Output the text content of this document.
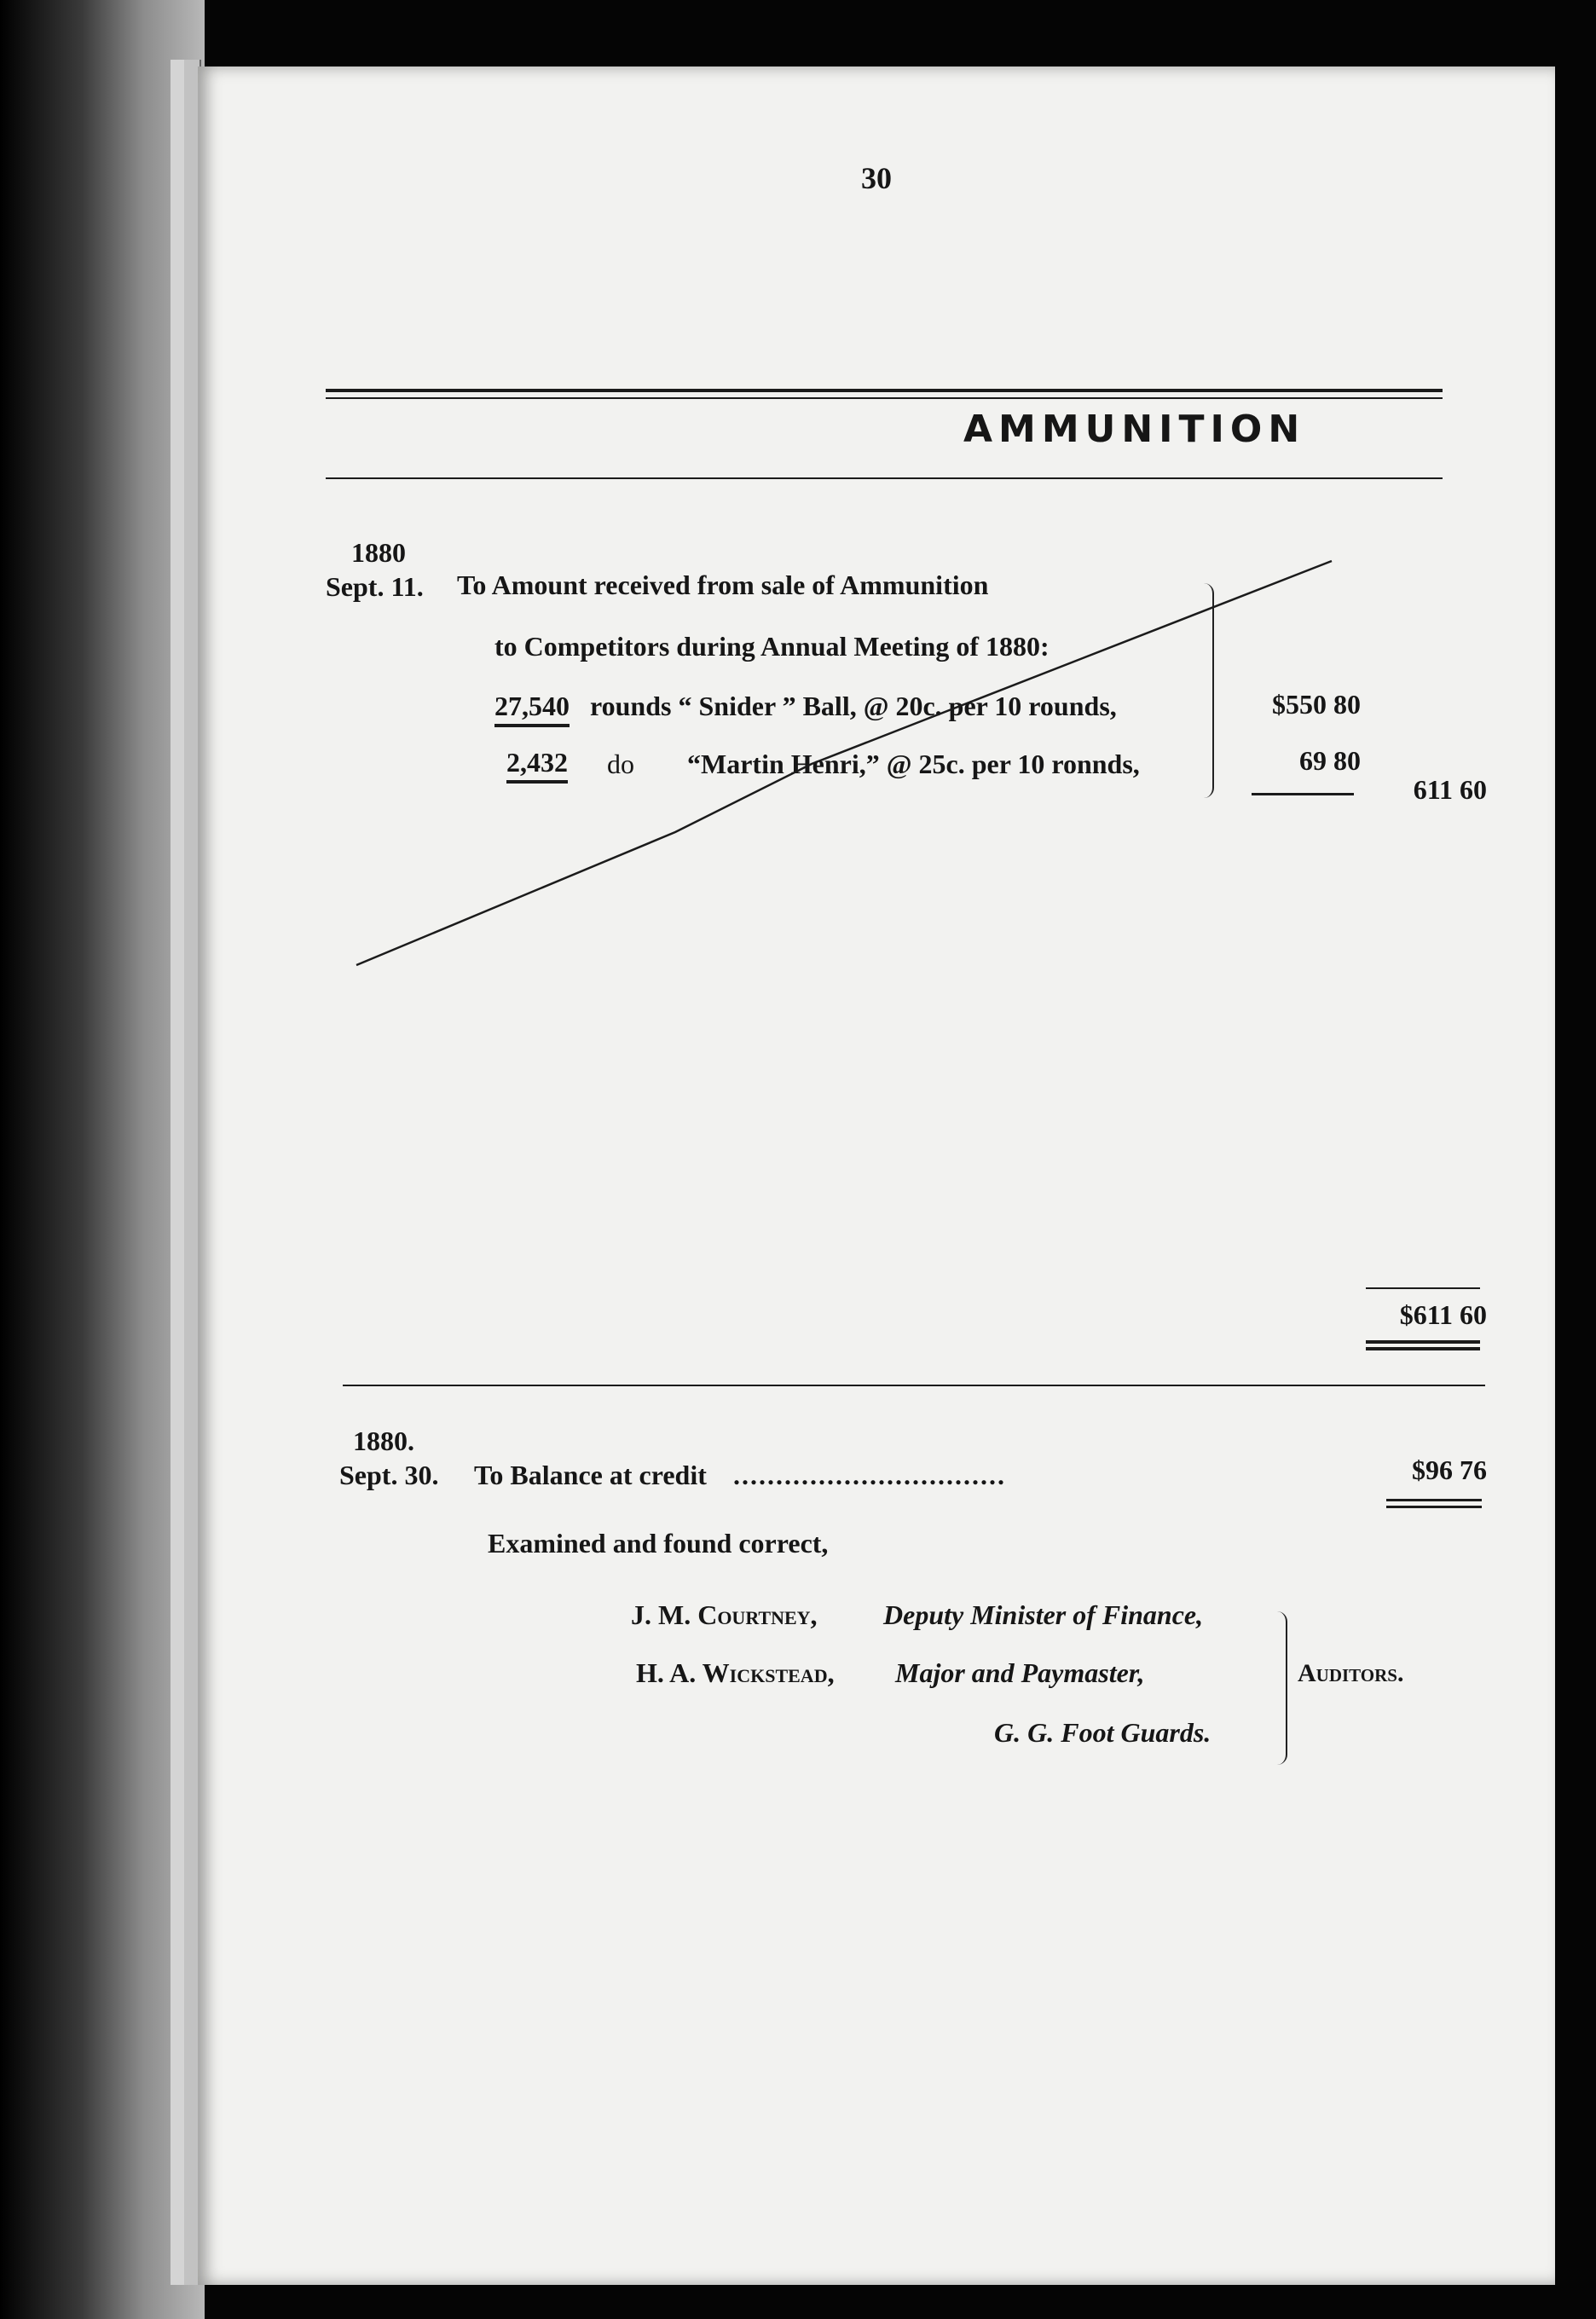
30
AMMUNITION
1880
Sept. 11. To Amount received from sale of Ammunition
to Competitors during Annual Meeting of 1880:
27,540 rounds “ Snider ” Ball, @ 20c. per 10 rounds,	$550 80
2,432 do “Martin Henri,” @ 25c. per 10 ronnds,	69 80
611 60
$611 60
1880.
Sept. 30. To Balance at credit ................................	$96 76
Examined and found correct,
J. M. Courtney, Deputy Minister of Finance,
H. A. Wickstead, Major and Paymaster,
G. G. Foot Guards.
Auditors.
